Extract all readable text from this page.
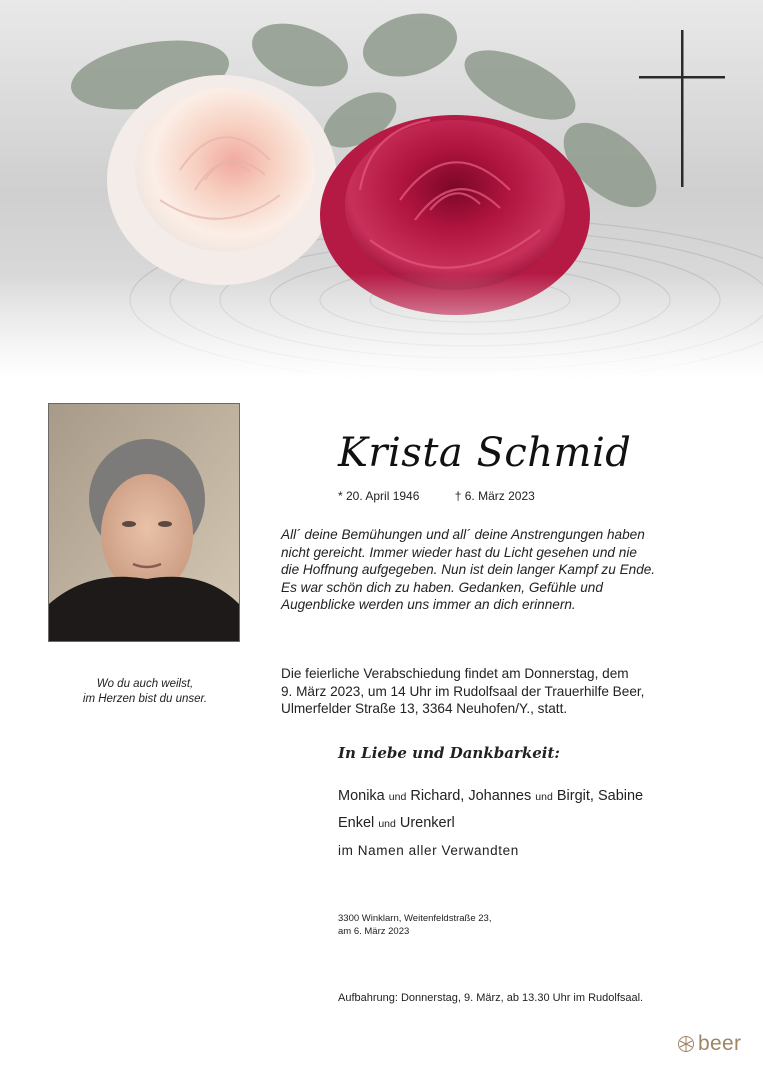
Wo du auch weilst,
im Herzen bist du unser.
Krista Schmid
* 20. April 1946	† 6. März 2023
All´ deine Bemühungen und all´ deine Anstrengungen haben
nicht gereicht. Immer wieder hast du Licht gesehen und nie
die Hoffnung aufgegeben. Nun ist dein langer Kampf zu Ende.
Es war schön dich zu haben. Gedanken, Gefühle und
Augenblicke werden uns immer an dich erinnern.
Die feierliche Verabschiedung findet am Donnerstag, dem
9. März 2023, um 14 Uhr im Rudolfsaal der Trauerhilfe Beer,
Ulmerfelder Straße 13, 3364 Neuhofen/Y., statt.
In Liebe und Dankbarkeit:
Monika und Richard, Johannes und Birgit, Sabine
Enkel und Urenkerl
im Namen aller Verwandten
3300 Winklarn, Weitenfeldstraße 23,
am 6. März 2023
Aufbahrung: Donnerstag, 9. März, ab 13.30 Uhr im Rudolfsaal.
beer
